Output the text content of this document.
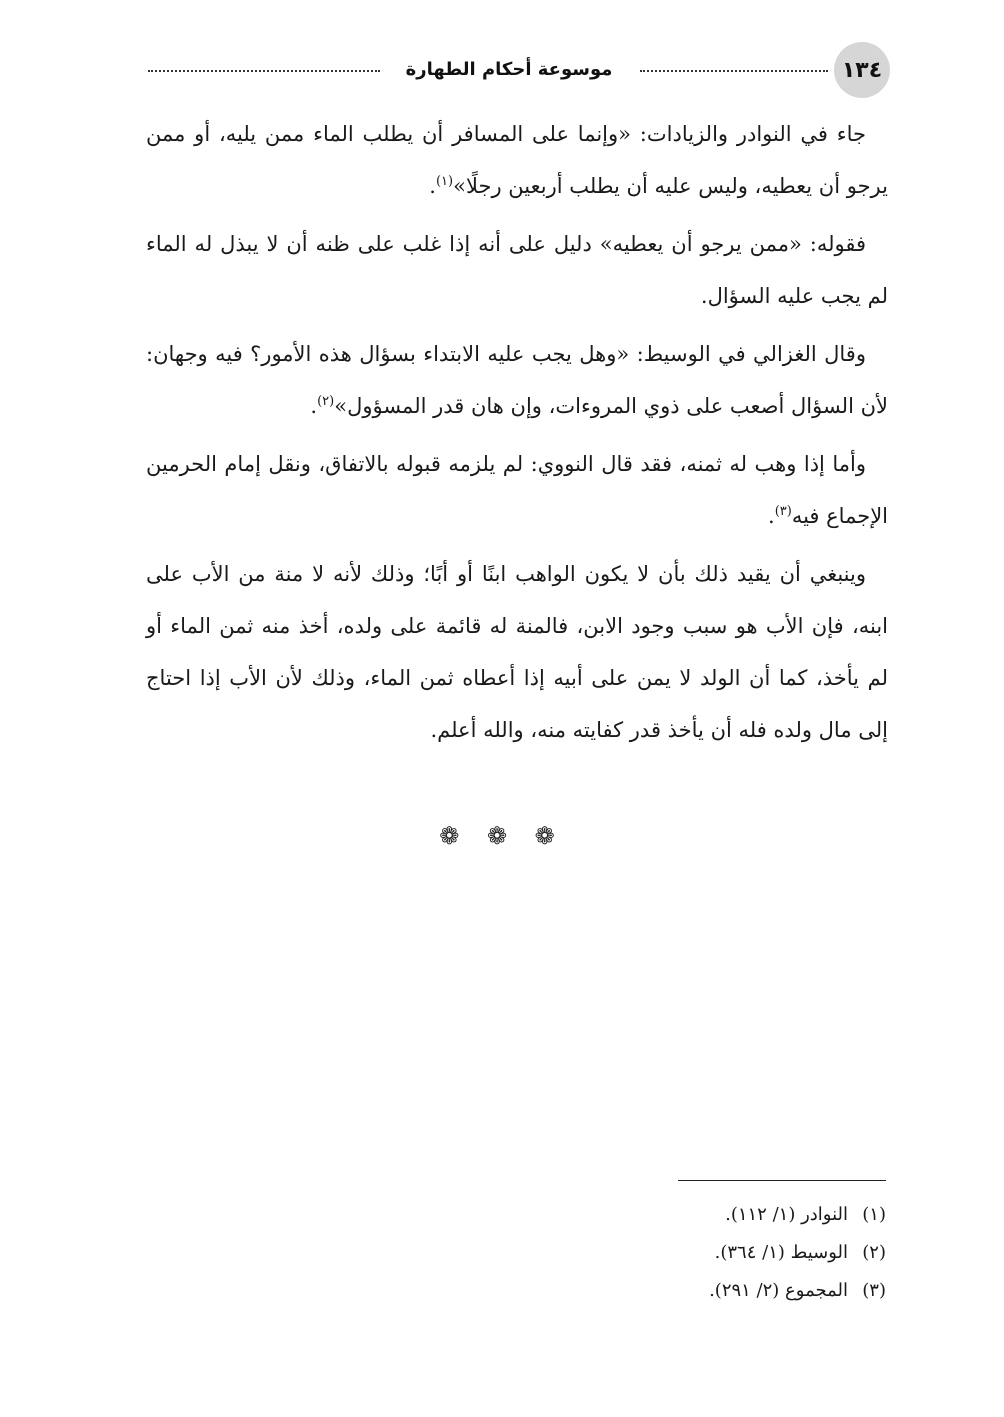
١٣٤
موسوعة أحكام الطهارة

جاء في النوادر والزيادات: «وإنما على المسافر أن يطلب الماء ممن يليه، أو ممن يرجو أن يعطيه، وليس عليه أن يطلب أربعين رجلًا»$^{(١)}$.

فقوله: «ممن يرجو أن يعطيه» دليل على أنه إذا غلب على ظنه أن لا يبذل له الماء لم يجب عليه السؤال.

وقال الغزالي في الوسيط: «وهل يجب عليه الابتداء بسؤال هذه الأمور؟ فيه وجهان: لأن السؤال أصعب على ذوي المروءات، وإن هان قدر المسؤول»$^{(٢)}$.

وأما إذا وهب له ثمنه، فقد قال النووي: لم يلزمه قبوله بالاتفاق، ونقل إمام الحرمين الإجماع فيه$^{(٣)}$.

وينبغي أن يقيد ذلك بأن لا يكون الواهب ابنًا أو أبًا؛ وذلك لأنه لا منة من الأب على ابنه، فإن الأب هو سبب وجود الابن، فالمنة له قائمة على ولده، أخذ منه ثمن الماء أو لم يأخذ، كما أن الولد لا يمن على أبيه إذا أعطاه ثمن الماء، وذلك لأن الأب إذا احتاج إلى مال ولده فله أن يأخذ قدر كفايته منه، والله أعلم.

❁ ❁ ❁
(١)النوادر (١/ ١١٢).
(٢)الوسيط (١/ ٣٦٤).
(٣)المجموع (٢/ ٢٩١).
